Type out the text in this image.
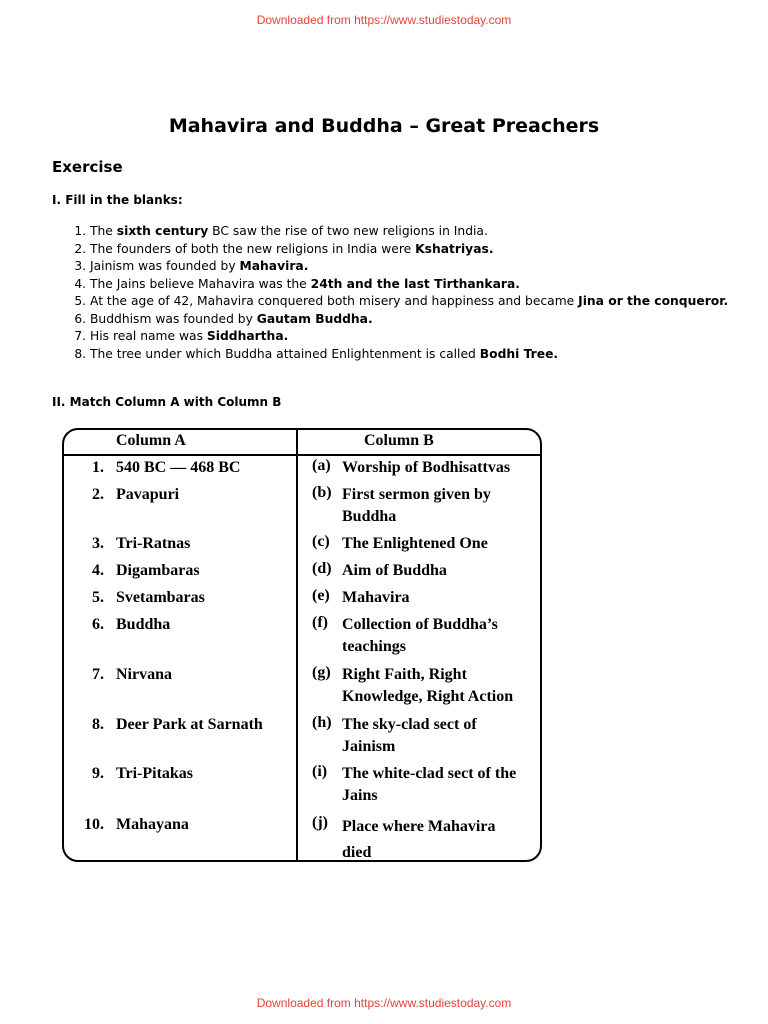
Downloaded from https://www.studiestoday.com
Mahavira and Buddha – Great Preachers
Exercise
I. Fill in the blanks:
1. The sixth century BC saw the rise of two new religions in India.
2. The founders of both the new religions in India were Kshatriyas.
3. Jainism was founded by Mahavira.
4. The Jains believe Mahavira was the 24th and the last Tirthankara.
5. At the age of 42, Mahavira conquered both misery and happiness and became Jina or the conqueror.
6. Buddhism was founded by Gautam Buddha.
7. His real name was Siddhartha.
8. The tree under which Buddha attained Enlightenment is called Bodhi Tree.
II. Match Column A with Column B
Column A	Column B
1. 540 BC — 468 BC
2. Pavapuri
3. Tri-Ratnas
4. Digambaras
5. Svetambaras
6. Buddha
7. Nirvana
8. Deer Park at Sarnath
9. Tri-Pitakas
10. Mahayana
(a) Worship of Bodhisattvas
(b) First sermon given by Buddha
(c) The Enlightened One
(d) Aim of Buddha
(e) Mahavira
(f) Collection of Buddha’s teachings
(g) Right Faith, Right Knowledge, Right Action
(h) The sky-clad sect of Jainism
(i) The white-clad sect of the Jains
(j) Place where Mahavira died
Downloaded from https://www.studiestoday.com
